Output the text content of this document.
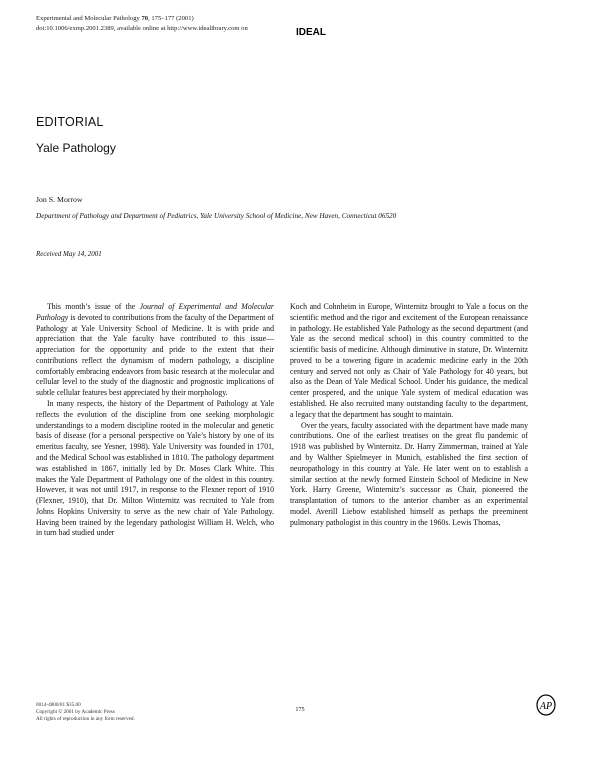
Experimental and Molecular Pathology 70, 175–177 (2001)
doi:10.1006/exmp.2001.2389, available online at http://www.idealibrary.com on	IDEAL
EDITORIAL
Yale Pathology
Jon S. Morrow
Department of Pathology and Department of Pediatrics, Yale University School of Medicine, New Haven, Connecticut 06520
Received May 14, 2001

This month’s issue of the Journal of Experimental and Molecular Pathology is devoted to contributions from the faculty of the Department of Pathology at Yale University School of Medicine. It is with pride and appreciation that the Yale faculty have contributed to this issue—appreciation for the opportunity and pride to the extent that their contributions reflect the dynamism of modern pathology, a discipline comfortably embracing endeavors from basic research at the molecular and cellular level to the study of the diagnostic and prognostic implications of subtle cellular features best appreciated by their morphology.

In many respects, the history of the Department of Pathology at Yale reflects the evolution of the discipline from one seeking morphologic understandings to a modern discipline rooted in the molecular and genetic basis of disease (for a personal perspective on Yale’s history by one of its emeritus faculty, see Yesner, 1998). Yale University was founded in 1701, and the Medical School was established in 1810. The pathology department was established in 1867, initially led by Dr. Moses Clark White. This makes the Yale Department of Pathology one of the oldest in this country. However, it was not until 1917, in response to the Flexner report of 1910 (Flexner, 1910), that Dr. Milton Winternitz was recruited to Yale from Johns Hopkins University to serve as the new chair of Yale Pathology. Having been trained by the legendary pathologist William H. Welch, who in turn had studied under

Koch and Cohnheim in Europe, Winternitz brought to Yale a focus on the scientific method and the rigor and excitement of the European renaissance in pathology. He established Yale Pathology as the second department (and Yale as the second medical school) in this country committed to the scientific basis of medicine. Although diminutive in stature, Dr. Winternitz proved to be a towering figure in academic medicine early in the 20th century and served not only as Chair of Yale Pathology for 40 years, but also as the Dean of Yale Medical School. Under his guidance, the medical center prospered, and the unique Yale system of medical education was established. He also recruited many outstanding faculty to the department, a legacy that the department has sought to maintain.

Over the years, faculty associated with the department have made many contributions. One of the earliest treatises on the great flu pandemic of 1918 was published by Winternitz. Dr. Harry Zimmerman, trained at Yale and by Walther Spielmeyer in Munich, established the first section of neuropathology in this country at Yale. He later went on to establish a similar section at the newly formed Einstein School of Medicine in New York. Harry Greene, Winternitz’s successor as Chair, pioneered the transplantation of tumors to the anterior chamber as an experimental model. Averill Liebow established himself as perhaps the preeminent pulmonary pathologist in this country in the 1960s. Lewis Thomas,

0014-4800/01 $35.00
Copyright © 2001 by Academic Press
All rights of reproduction in any form reserved.
175	AP
